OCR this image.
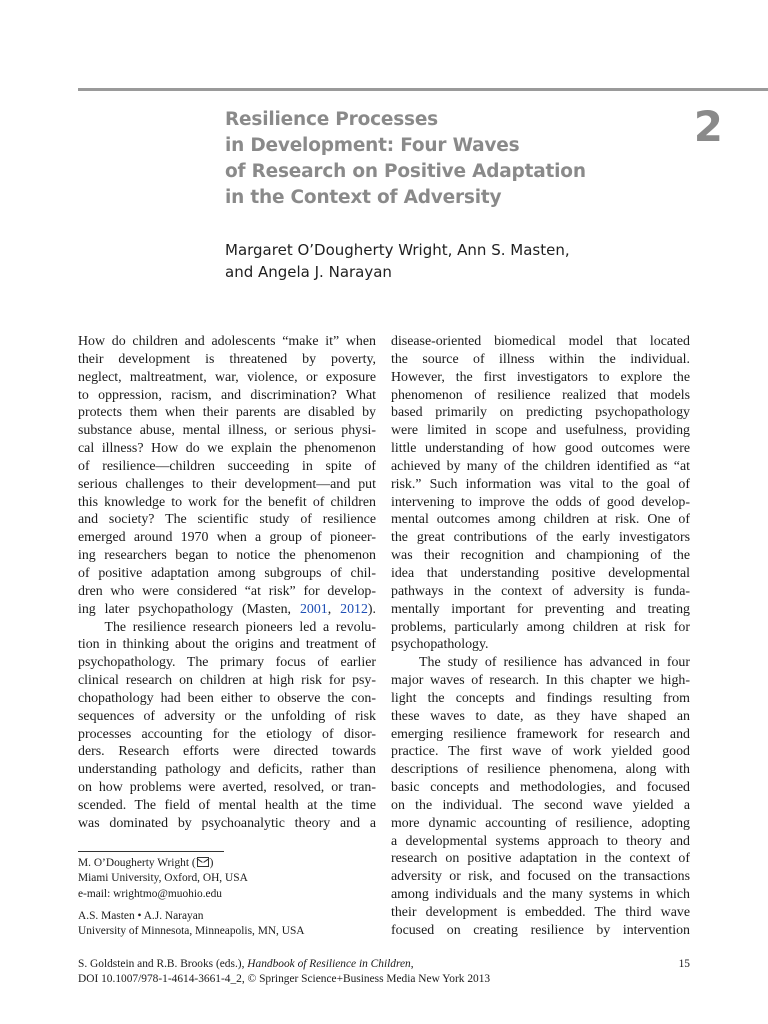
Resilience Processes
in Development: Four Waves
of Research on Positive Adaptation
in the Context of Adversity
2
Margaret O’Dougherty Wright, Ann S. Masten,
and Angela J. Narayan
How do children and adolescents “make it” when
their development is threatened by poverty,
neglect, maltreatment, war, violence, or exposure
to oppression, racism, and discrimination? What
protects them when their parents are disabled by
substance abuse, mental illness, or serious physi-
cal illness? How do we explain the phenomenon
of resilience—children succeeding in spite of
serious challenges to their development—and put
this knowledge to work for the benefit of children
and society? The scientific study of resilience
emerged around 1970 when a group of pioneer-
ing researchers began to notice the phenomenon
of positive adaptation among subgroups of chil-
dren who were considered “at risk” for develop-
ing later psychopathology (Masten, 2001, 2012).
The resilience research pioneers led a revolu-
tion in thinking about the origins and treatment of
psychopathology. The primary focus of earlier
clinical research on children at high risk for psy-
chopathology had been either to observe the con-
sequences of adversity or the unfolding of risk
processes accounting for the etiology of disor-
ders. Research efforts were directed towards
understanding pathology and deficits, rather than
on how problems were averted, resolved, or tran-
scended. The field of mental health at the time
was dominated by psychoanalytic theory and a
disease-oriented biomedical model that located
the source of illness within the individual.
However, the first investigators to explore the
phenomenon of resilience realized that models
based primarily on predicting psychopathology
were limited in scope and usefulness, providing
little understanding of how good outcomes were
achieved by many of the children identified as “at
risk.” Such information was vital to the goal of
intervening to improve the odds of good develop-
mental outcomes among children at risk. One of
the great contributions of the early investigators
was their recognition and championing of the
idea that understanding positive developmental
pathways in the context of adversity is funda-
mentally important for preventing and treating
problems, particularly among children at risk for
psychopathology.
The study of resilience has advanced in four
major waves of research. In this chapter we high-
light the concepts and findings resulting from
these waves to date, as they have shaped an
emerging resilience framework for research and
practice. The first wave of work yielded good
descriptions of resilience phenomena, along with
basic concepts and methodologies, and focused
on the individual. The second wave yielded a
more dynamic accounting of resilience, adopting
a developmental systems approach to theory and
research on positive adaptation in the context of
adversity or risk, and focused on the transactions
among individuals and the many systems in which
their development is embedded. The third wave
focused on creating resilience by intervention
M. O’Dougherty Wright ( )
Miami University, Oxford, OH, USA
e-mail: wrightmo@muohio.edu
A.S. Masten • A.J. Narayan
University of Minnesota, Minneapolis, MN, USA
S. Goldstein and R.B. Brooks (eds.), Handbook of Resilience in Children,
DOI 10.1007/978-1-4614-3661-4_2, © Springer Science+Business Media New York 2013
15
